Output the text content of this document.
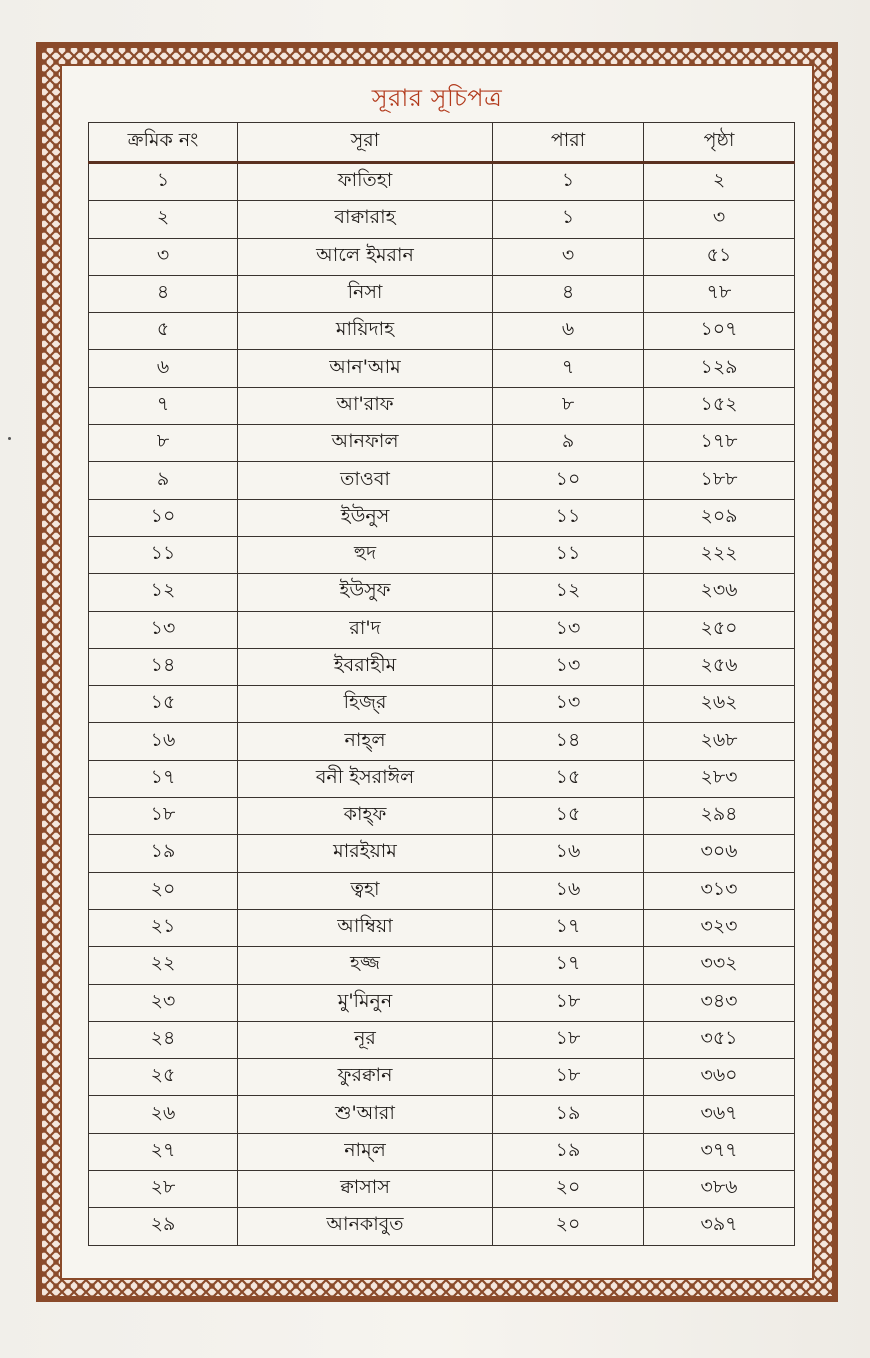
সূরার সূচিপত্র
ক্রমিক নং	সূরা	পারা	পৃষ্ঠা
১	ফাতিহা	১	২
২	বাক্বারাহ	১	৩
৩	আলে ইমরান	৩	৫১
৪	নিসা	৪	৭৮
৫	মায়িদাহ	৬	১০৭
৬	আন'আম	৭	১২৯
৭	আ'রাফ	৮	১৫২
৮	আনফাল	৯	১৭৮
৯	তাওবা	১০	১৮৮
১০	ইউনুস	১১	২০৯
১১	হুদ	১১	২২২
১২	ইউসুফ	১২	২৩৬
১৩	রা'দ	১৩	২৫০
১৪	ইবরাহীম	১৩	২৫৬
১৫	হিজ্‌র	১৩	২৬২
১৬	নাহ্‌ল	১৪	২৬৮
১৭	বনী ইসরাঈল	১৫	২৮৩
১৮	কাহ্‌ফ	১৫	২৯৪
১৯	মারইয়াম	১৬	৩০৬
২০	ত্বহা	১৬	৩১৩
২১	আম্বিয়া	১৭	৩২৩
২২	হজ্জ	১৭	৩৩২
২৩	মু'মিনুন	১৮	৩৪৩
২৪	নূর	১৮	৩৫১
২৫	ফুরক্বান	১৮	৩৬০
২৬	শু'আরা	১৯	৩৬৭
২৭	নাম্‌ল	১৯	৩৭৭
২৮	ক্বাসাস	২০	৩৮৬
২৯	আনকাবুত	২০	৩৯৭
